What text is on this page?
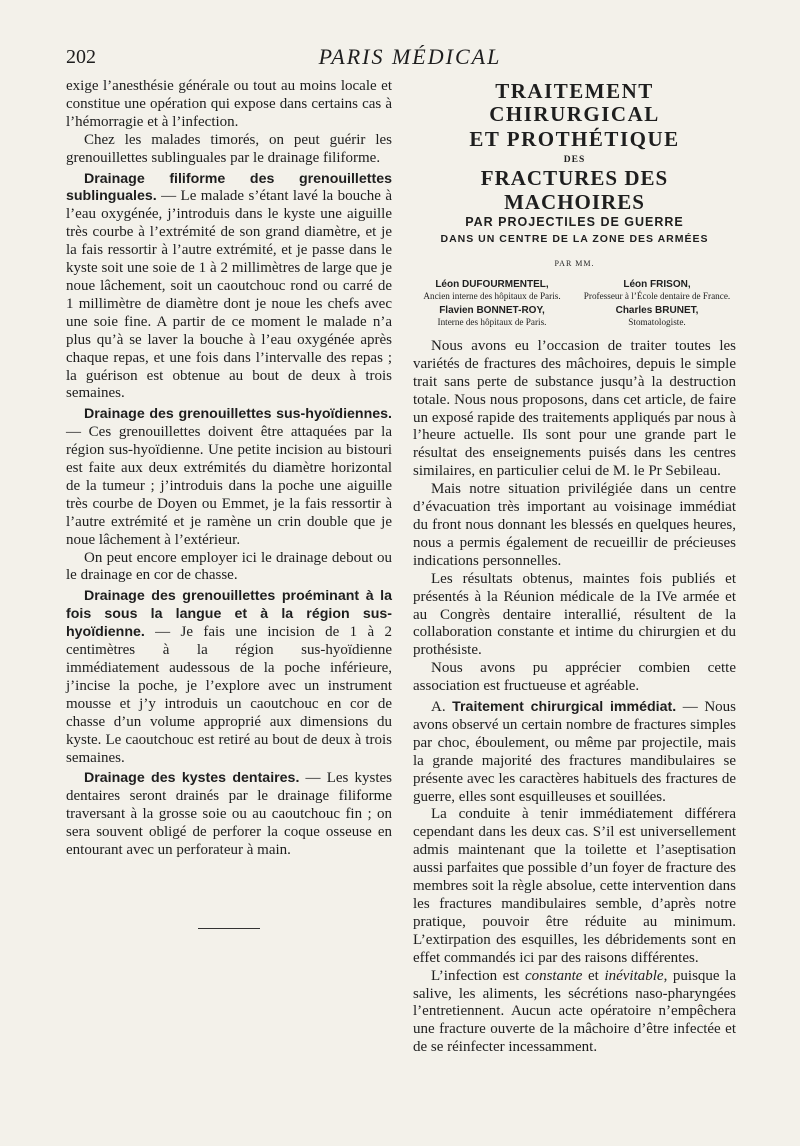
202	PARIS MÉDICAL

exige l’anesthésie générale ou tout au moins locale et constitue une opération qui expose dans certains cas à l’hémorragie et à l’infection.

Chez les malades timorés, on peut guérir les grenouillettes sublinguales par le drainage filiforme.

Drainage filiforme des grenouillettes sublinguales. — Le malade s’étant lavé la bouche à l’eau oxygénée, j’introduis dans le kyste une aiguille très courbe à l’extrémité de son grand diamètre, et je la fais ressortir à l’autre extrémité, et je passe dans le kyste soit une soie de 1 à 2 millimètres de large que je noue lâchement, soit un caoutchouc rond ou carré de 1 millimètre de diamètre dont je noue les chefs avec une soie fine. A partir de ce moment le malade n’a plus qu’à se laver la bouche à l’eau oxygénée après chaque repas, et une fois dans l’intervalle des repas ; la guérison est obtenue au bout de deux à trois semaines.

Drainage des grenouillettes sus-hyoïdiennes. — Ces grenouillettes doivent être attaquées par la région sus-hyoïdienne. Une petite incision au bistouri est faite aux deux extrémités du diamètre horizontal de la tumeur ; j’introduis dans la poche une aiguille très courbe de Doyen ou Emmet, je la fais ressortir à l’autre extrémité et je ramène un crin double que je noue lâchement à l’extérieur.

On peut encore employer ici le drainage debout ou le drainage en cor de chasse.

Drainage des grenouillettes proéminant à la fois sous la langue et à la région sus-hyoïdienne. — Je fais une incision de 1 à 2 centimètres à la région sus-hyoïdienne immédiatement audessous de la poche inférieure, j’incise la poche, je l’explore avec un instrument mousse et j’y introduis un caoutchouc en cor de chasse d’un volume approprié aux dimensions du kyste. Le caoutchouc est retiré au bout de deux à trois semaines.

Drainage des kystes dentaires. — Les kystes dentaires seront drainés par le drainage filiforme traversant à la grosse soie ou au caoutchouc fin ; on sera souvent obligé de perforer la coque osseuse en entourant avec un perforateur à main.

TRAITEMENT CHIRURGICAL
ET PROTHÉTIQUE
DES
FRACTURES DES MACHOIRES
PAR PROJECTILES DE GUERRE
DANS UN CENTRE DE LA ZONE DES ARMÉES
PAR MM.
Léon DUFOURMENTEL,
Ancien interne des hôpitaux de Paris.
Flavien BONNET-ROY,
Interne des hôpitaux de Paris.
Léon FRISON,
Professeur à l’École dentaire de France.
Charles BRUNET,
Stomatologiste.

Nous avons eu l’occasion de traiter toutes les variétés de fractures des mâchoires, depuis le simple trait sans perte de substance jusqu’à la destruction totale. Nous nous proposons, dans cet article, de faire un exposé rapide des traitements appliqués par nous à l’heure actuelle. Ils sont pour une grande part le résultat des enseignements puisés dans les centres similaires, en particulier celui de M. le Pr Sebileau.

Mais notre situation privilégiée dans un centre d’évacuation très important au voisinage immédiat du front nous donnant les blessés en quelques heures, nous a permis également de recueillir de précieuses indications personnelles.

Les résultats obtenus, maintes fois publiés et présentés à la Réunion médicale de la IVe armée et au Congrès dentaire interallié, résultent de la collaboration constante et intime du chirurgien et du prothésiste.

Nous avons pu apprécier combien cette association est fructueuse et agréable.

A. Traitement chirurgical immédiat. — Nous avons observé un certain nombre de fractures simples par choc, éboulement, ou même par projectile, mais la grande majorité des fractures mandibulaires se présente avec les caractères habituels des fractures de guerre, elles sont esquilleuses et souillées.

La conduite à tenir immédiatement différera cependant dans les deux cas. S’il est universellement admis maintenant que la toilette et l’aseptisation aussi parfaites que possible d’un foyer de fracture des membres soit la règle absolue, cette intervention dans les fractures mandibulaires semble, d’après notre pratique, pouvoir être réduite au minimum. L’extirpation des esquilles, les débridements sont en effet commandés ici par des raisons différentes.

L’infection est constante et inévitable, puisque la salive, les aliments, les sécrétions naso-pharyngées l’entretiennent. Aucun acte opératoire n’empêchera une fracture ouverte de la mâchoire d’être infectée et de se réinfecter incessamment.
